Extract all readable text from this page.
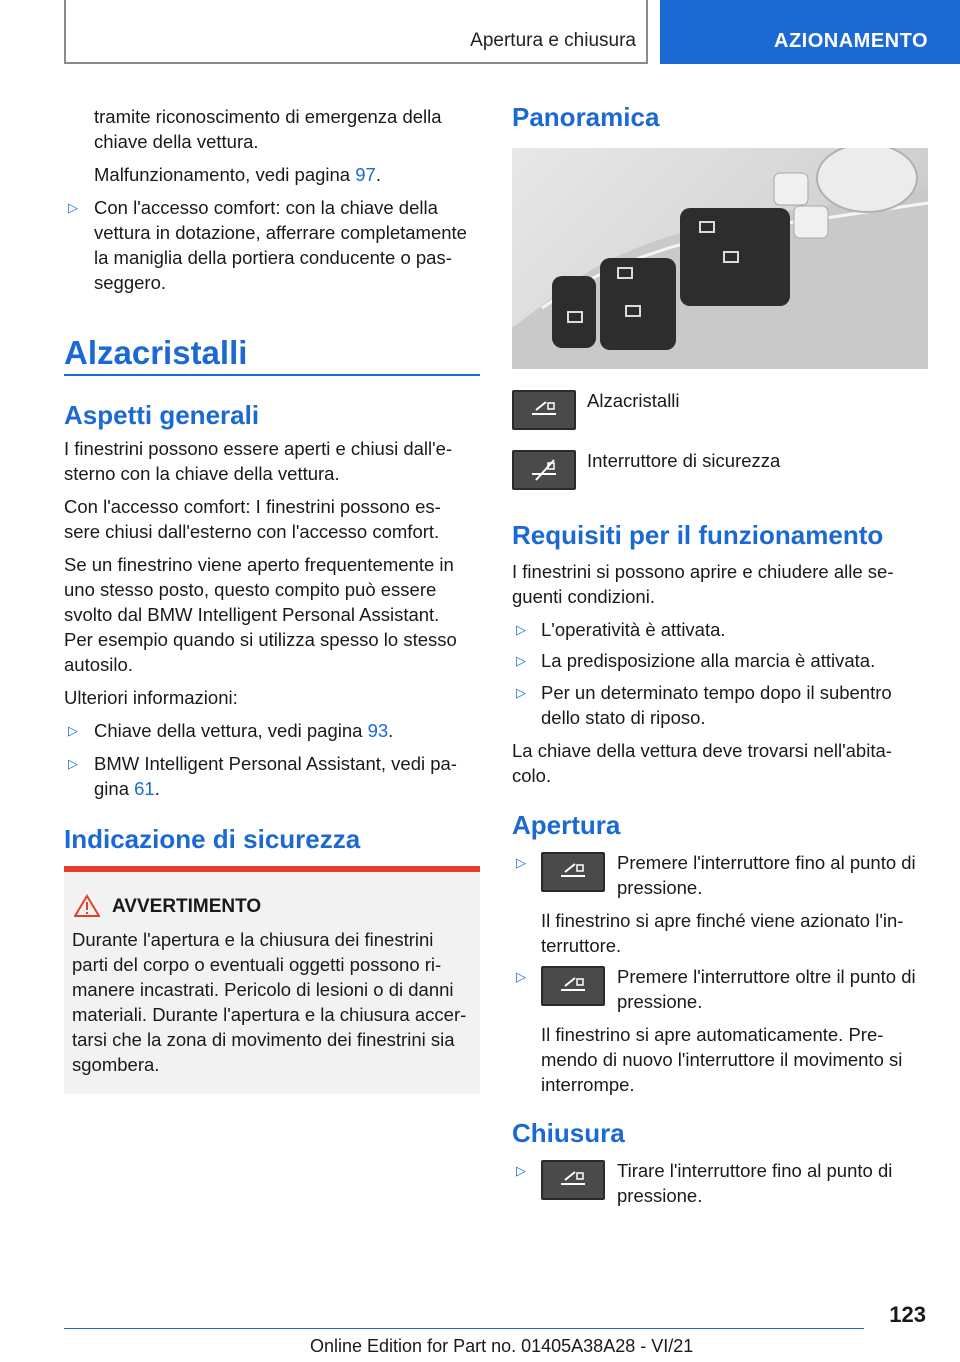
Apertura e chiusura	AZIONAMENTO

tramite riconoscimento di emergenza della

chiave della vettura.

Malfunzionamento, vedi pagina 97.

▷ Con l'accesso comfort: con la chiave della

vettura in dotazione, afferrare completamente

la maniglia della portiera conducente o pas-

seggero.

Alzacristalli
Aspetti generali

I finestrini possono essere aperti e chiusi dall'e-

sterno con la chiave della vettura.

Con l'accesso comfort: I finestrini possono es-

sere chiusi dall'esterno con l'accesso comfort.

Se un finestrino viene aperto frequentemente in

uno stesso posto, questo compito può essere

svolto dal BMW Intelligent Personal Assistant.

Per esempio quando si utilizza spesso lo stesso

autosilo.

Ulteriori informazioni:

▷ Chiave della vettura, vedi pagina 93.

▷ BMW Intelligent Personal Assistant, vedi pa-

gina 61.

Indicazione di sicurezza
AVVERTIMENTO
Durante l'apertura e la chiusura dei finestrini
parti del corpo o eventuali oggetti possono ri-
manere incastrati. Pericolo di lesioni o di danni
materiali. Durante l'apertura e la chiusura accer-
tarsi che la zona di movimento dei finestrini sia
sgombera.
Panoramica

Alzacristalli

Interruttore di sicurezza

Requisiti per il funzionamento

I finestrini si possono aprire e chiudere alle se-

guenti condizioni.

▷ L'operatività è attivata.

▷ La predisposizione alla marcia è attivata.

▷ Per un determinato tempo dopo il subentro

dello stato di riposo.

La chiave della vettura deve trovarsi nell'abita-

colo.

Apertura
▷	Premere l'interruttore fino al punto di

pressione.

Il finestrino si apre finché viene azionato l'in-

terruttore.

▷	Premere l'interruttore oltre il punto di

pressione.

Il finestrino si apre automaticamente. Pre-

mendo di nuovo l'interruttore il movimento si

interrompe.

Chiusura
▷	Tirare l'interruttore fino al punto di

pressione.

123
Online Edition for Part no. 01405A38A28 - VI/21
